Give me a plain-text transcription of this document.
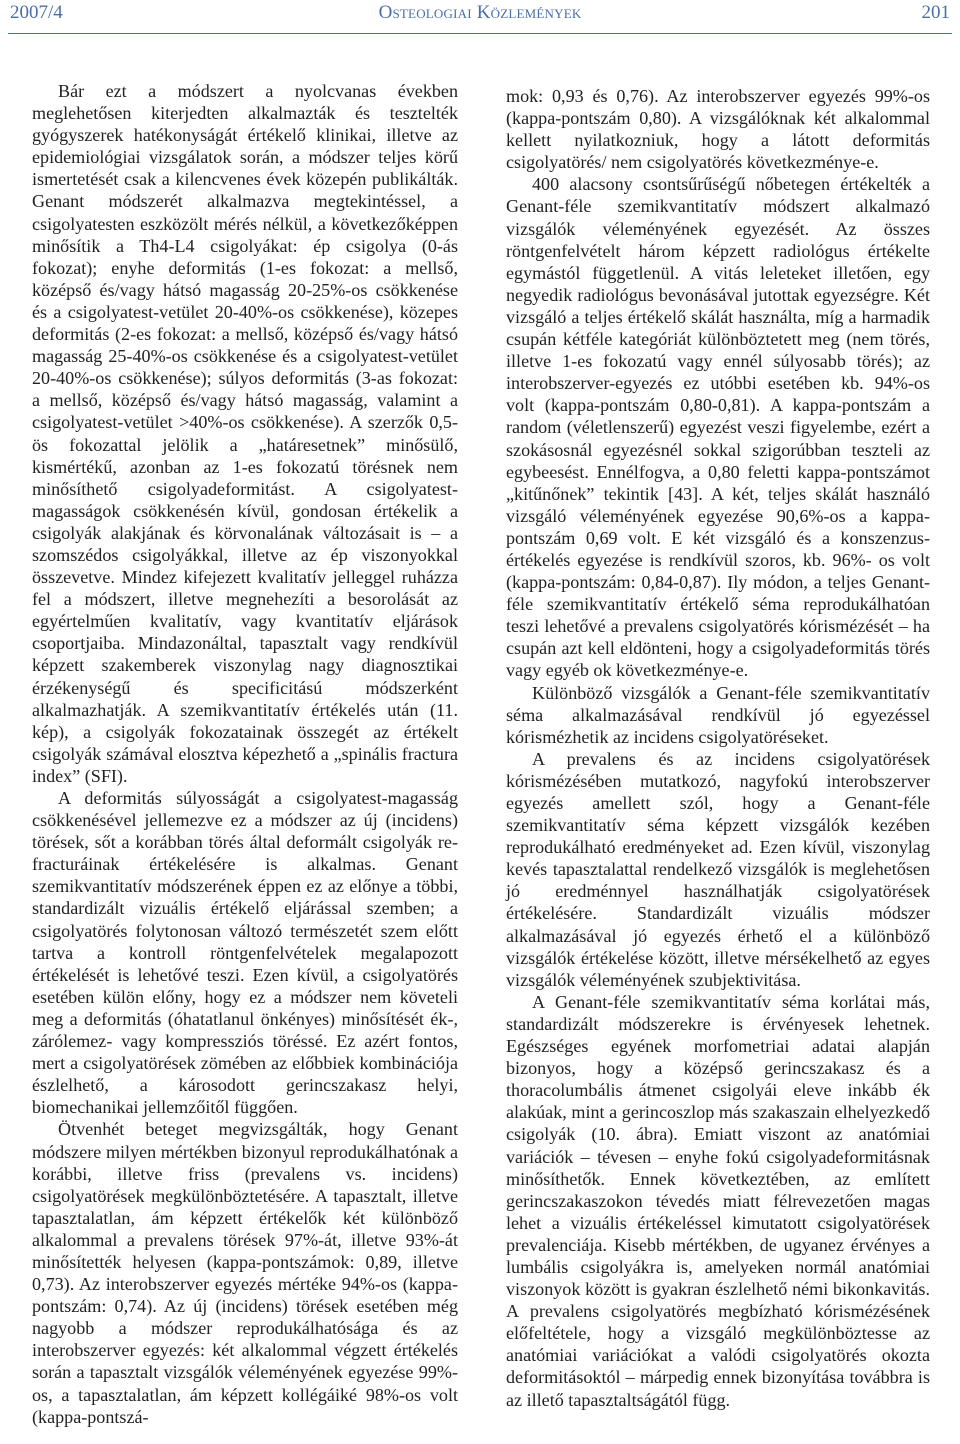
2007/4	Osteologiai Közlemények	201

Bár ezt a módszert a nyolcvanas években meglehetősen kiterjedten alkalmazták és tesztelték gyógyszerek hatékonyságát értékelő klinikai, illetve az epidemiológiai vizsgálatok során, a módszer teljes körű ismertetését csak a kilencvenes évek közepén publikálták. Genant módszerét alkalmazva megtekintéssel, a csigolyatesten eszközölt mérés nélkül, a következőképpen minősítik a Th4-L4 csigolyákat: ép csigolya (0-ás fokozat); enyhe deformitás (1-es fokozat: a mellső, középső és/vagy hátsó magasság 20-25%-os csökkenése és a csigolyatest-vetület 20-40%-os csökkenése), közepes deformitás (2-es fokozat: a mellső, középső és/vagy hátsó magasság 25-40%-os csökkenése és a csigolyatest-vetület 20-40%-os csökkenése); súlyos deformitás (3-as fokozat: a mellső, középső és/vagy hátsó magasság, valamint a csigolyatest-vetület >40%-os csökkenése). A szerzők 0,5-ös fokozattal jelölik a „határesetnek” minősülő, kismértékű, azonban az 1-es fokozatú törésnek nem minősíthető csigolyadeformitást. A csigolyatest-magasságok csökkenésén kívül, gondosan értékelik a csigolyák alakjának és körvonalának változásait is – a szomszédos csigolyákkal, illetve az ép viszonyokkal összevetve. Mindez kifejezett kvalitatív jelleggel ruházza fel a módszert, illetve megnehezíti a besorolását az egyértelműen kvalitatív, vagy kvantitatív eljárások csoportjaiba. Mindazonáltal, tapasztalt vagy rendkívül képzett szakemberek viszonylag nagy diagnosztikai érzékenységű és specificitású módszerként alkalmazhatják. A szemikvantitatív értékelés után (11. kép), a csigolyák fokozatainak összegét az értékelt csigolyák számával elosztva képezhető a „spinális fractura index” (SFI).

A deformitás súlyosságát a csigolyatest-magasság csökkenésével jellemezve ez a módszer az új (incidens) törések, sőt a korábban törés által deformált csigolyák re-fracturáinak értékelésére is alkalmas. Genant szemikvantitatív módszerének éppen ez az előnye a többi, standardizált vizuális értékelő eljárással szemben; a csigolyatörés folytonosan változó természetét szem előtt tartva a kontroll röntgenfelvételek megalapozott értékelését is lehetővé teszi. Ezen kívül, a csigolyatörés esetében külön előny, hogy ez a módszer nem követeli meg a deformitás (óhatatlanul önkényes) minősítését ék-, zárólemez- vagy kompressziós töréssé. Ez azért fontos, mert a csigolyatörések zömében az előbbiek kombinációja észlelhető, a károsodott gerincszakasz helyi, biomechanikai jellemzőitől függően.

Ötvenhét beteget megvizsgálták, hogy Genant módszere milyen mértékben bizonyul reprodukálhatónak a korábbi, illetve friss (prevalens vs. incidens) csigolyatörések megkülönböztetésére. A tapasztalt, illetve tapasztalatlan, ám képzett értékelők két különböző alkalommal a prevalens törések 97%-át, illetve 93%-át minősítették helyesen (kappa-pontszámok: 0,89, illetve 0,73). Az interobszerver egyezés mértéke 94%-os (kappa-pontszám: 0,74). Az új (incidens) törések esetében még nagyobb a módszer reprodukálhatósága és az interobszerver egyezés: két alkalommal végzett értékelés során a tapasztalt vizsgálók véleményének egyezése 99%-os, a tapasztalatlan, ám képzett kollégáiké 98%-os volt (kappa-pontszá-

mok: 0,93 és 0,76). Az interobszerver egyezés 99%-os (kappa-pontszám 0,80). A vizsgálóknak két alkalommal kellett nyilatkozniuk, hogy a látott deformitás csigolyatörés/ nem csigolyatörés következménye-e.

400 alacsony csontsűrűségű nőbetegen értékelték a Genant-féle szemikvantitatív módszert alkalmazó vizsgálók véleményének egyezését. Az összes röntgenfelvételt három képzett radiológus értékelte egymástól függetlenül. A vitás leleteket illetően, egy negyedik radiológus bevonásával jutottak egyezségre. Két vizsgáló a teljes értékelő skálát használta, míg a harmadik csupán kétféle kategóriát különböztetett meg (nem törés, illetve 1-es fokozatú vagy ennél súlyosabb törés); az interobszerver-egyezés ez utóbbi esetében kb. 94%-os volt (kappa-pontszám 0,80-0,81). A kappa-pontszám a random (véletlenszerű) egyezést veszi figyelembe, ezért a szokásosnál egyezésnél sokkal szigorúbban teszteli az egybeesést. Ennélfogva, a 0,80 feletti kappa-pontszámot „kitűnőnek” tekintik [43]. A két, teljes skálát használó vizsgáló véleményének egyezése 90,6%-os a kappa-pontszám 0,69 volt. E két vizsgáló és a konszenzus- értékelés egyezése is rendkívül szoros, kb. 96%- os volt (kappa-pontszám: 0,84-0,87). Ily módon, a teljes Genant-féle szemikvantitatív értékelő séma reprodukálhatóan teszi lehetővé a prevalens csigolyatörés kórismézését – ha csupán azt kell eldönteni, hogy a csigolyadeformitás törés vagy egyéb ok következménye-e.

Különböző vizsgálók a Genant-féle szemikvantitatív séma alkalmazásával rendkívül jó egyezéssel kórismézhetik az incidens csigolyatöréseket.

A prevalens és az incidens csigolyatörések kórismézésében mutatkozó, nagyfokú interobszerver egyezés amellett szól, hogy a Genant-féle szemikvantitatív séma képzett vizsgálók kezében reprodukálható eredményeket ad. Ezen kívül, viszonylag kevés tapasztalattal rendelkező vizsgálók is meglehetősen jó eredménnyel használhatják csigolyatörések értékelésére. Standardizált vizuális módszer alkalmazásával jó egyezés érhető el a különböző vizsgálók értékelése között, illetve mérsékelhető az egyes vizsgálók véleményének szubjektivitása.

A Genant-féle szemikvantitatív séma korlátai más, standardizált módszerekre is érvényesek lehetnek. Egészséges egyének morfometriai adatai alapján bizonyos, hogy a középső gerincszakasz és a thoracolumbális átmenet csigolyái eleve inkább ék alakúak, mint a gerincoszlop más szakaszain elhelyezkedő csigolyák (10. ábra). Emiatt viszont az anatómiai variációk – tévesen – enyhe fokú csigolyadeformitásnak minősíthetők. Ennek következtében, az említett gerincszakaszokon tévedés miatt félrevezetően magas lehet a vizuális értékeléssel kimutatott csigolyatörések prevalenciája. Kisebb mértékben, de ugyanez érvényes a lumbális csigolyákra is, amelyeken normál anatómiai viszonyok között is gyakran észlelhető némi bikonkavitás. A prevalens csigolyatörés megbízható kórismézésének előfeltétele, hogy a vizsgáló megkülönböztesse az anatómiai variációkat a valódi csigolyatörés okozta deformitásoktól – márpedig ennek bizonyítása továbbra is az illető tapasztaltságától függ.
